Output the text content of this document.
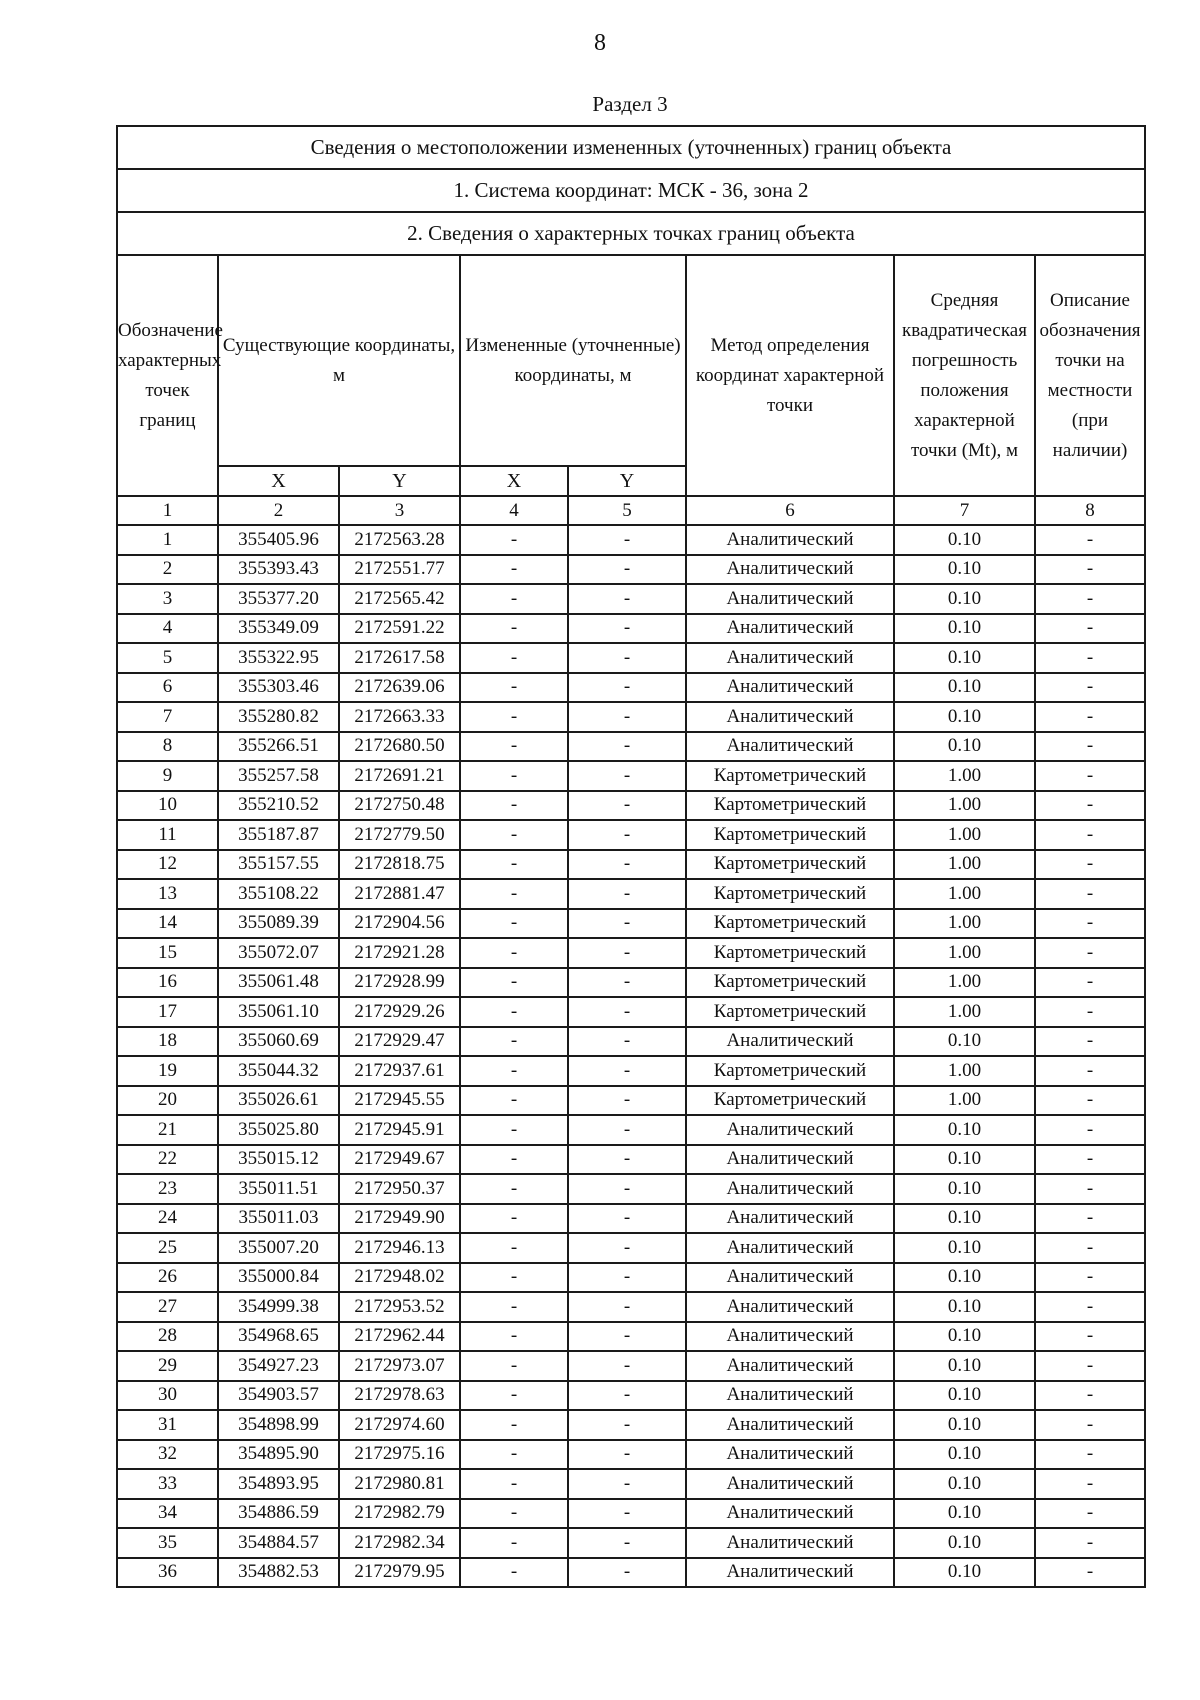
8
Раздел 3
Сведения о местоположении измененных (уточненных) границ объекта							
1. Система координат: МСК - 36, зона 2							
2. Сведения о характерных точках границ объекта							
Обозначение характерных точек границ	Существующие координаты, м		Измененные (уточненные) координаты, м		Метод определения координат характерной точки	Средняя квадратическая погрешность положения характерной точки (Mt), м	Описание обозначения точки на местности (при наличии)
	X	Y	X	Y			
1	2	3	4	5	6	7	8
1	355405.96	2172563.28	-	-	Аналитический	0.10	-
2	355393.43	2172551.77	-	-	Аналитический	0.10	-
3	355377.20	2172565.42	-	-	Аналитический	0.10	-
4	355349.09	2172591.22	-	-	Аналитический	0.10	-
5	355322.95	2172617.58	-	-	Аналитический	0.10	-
6	355303.46	2172639.06	-	-	Аналитический	0.10	-
7	355280.82	2172663.33	-	-	Аналитический	0.10	-
8	355266.51	2172680.50	-	-	Аналитический	0.10	-
9	355257.58	2172691.21	-	-	Картометрический	1.00	-
10	355210.52	2172750.48	-	-	Картометрический	1.00	-
11	355187.87	2172779.50	-	-	Картометрический	1.00	-
12	355157.55	2172818.75	-	-	Картометрический	1.00	-
13	355108.22	2172881.47	-	-	Картометрический	1.00	-
14	355089.39	2172904.56	-	-	Картометрический	1.00	-
15	355072.07	2172921.28	-	-	Картометрический	1.00	-
16	355061.48	2172928.99	-	-	Картометрический	1.00	-
17	355061.10	2172929.26	-	-	Картометрический	1.00	-
18	355060.69	2172929.47	-	-	Аналитический	0.10	-
19	355044.32	2172937.61	-	-	Картометрический	1.00	-
20	355026.61	2172945.55	-	-	Картометрический	1.00	-
21	355025.80	2172945.91	-	-	Аналитический	0.10	-
22	355015.12	2172949.67	-	-	Аналитический	0.10	-
23	355011.51	2172950.37	-	-	Аналитический	0.10	-
24	355011.03	2172949.90	-	-	Аналитический	0.10	-
25	355007.20	2172946.13	-	-	Аналитический	0.10	-
26	355000.84	2172948.02	-	-	Аналитический	0.10	-
27	354999.38	2172953.52	-	-	Аналитический	0.10	-
28	354968.65	2172962.44	-	-	Аналитический	0.10	-
29	354927.23	2172973.07	-	-	Аналитический	0.10	-
30	354903.57	2172978.63	-	-	Аналитический	0.10	-
31	354898.99	2172974.60	-	-	Аналитический	0.10	-
32	354895.90	2172975.16	-	-	Аналитический	0.10	-
33	354893.95	2172980.81	-	-	Аналитический	0.10	-
34	354886.59	2172982.79	-	-	Аналитический	0.10	-
35	354884.57	2172982.34	-	-	Аналитический	0.10	-
36	354882.53	2172979.95	-	-	Аналитический	0.10	-
